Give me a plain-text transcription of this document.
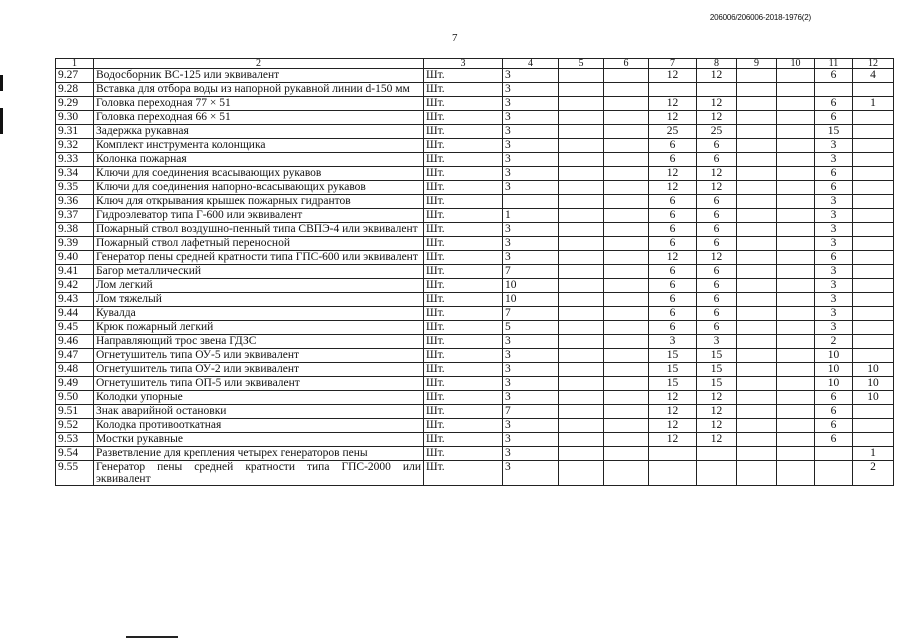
206006/206006-2018-1976(2)
7
1	2	3	4	5	6	7	8	9	10	11	12
9.27	Водосборник ВС-125 или эквивалент	Шт.	3			12	12			6	4
9.28	Вставка для отбора воды из напорной рукавной линии d-150 мм	Шт.	3								
9.29	Головка переходная 77 × 51	Шт.	3			12	12			6	1
9.30	Головка переходная 66 × 51	Шт.	3			12	12			6	
9.31	Задержка рукавная	Шт.	3			25	25			15	
9.32	Комплект инструмента колонщика	Шт.	3			6	6			3	
9.33	Колонка пожарная	Шт.	3			6	6			3	
9.34	Ключи для соединения всасывающих рукавов	Шт.	3			12	12			6	
9.35	Ключи для соединения напорно-всасывающих рукавов	Шт.	3			12	12			6	
9.36	Ключ для открывания крышек пожарных гидрантов	Шт.				6	6			3	
9.37	Гидроэлеватор типа Г-600 или эквивалент	Шт.	1			6	6			3	
9.38	Пожарный ствол воздушно-пенный типа СВПЭ-4 или эквивалент	Шт.	3			6	6			3	
9.39	Пожарный ствол лафетный переносной	Шт.	3			6	6			3	
9.40	Генератор пены средней кратности типа ГПС-600 или эквивалент	Шт.	3			12	12			6	
9.41	Багор металлический	Шт.	7			6	6			3	
9.42	Лом легкий	Шт.	10			6	6			3	
9.43	Лом тяжелый	Шт.	10			6	6			3	
9.44	Кувалда	Шт.	7			6	6			3	
9.45	Крюк пожарный легкий	Шт.	5			6	6			3	
9.46	Направляющий трос звена ГДЗС	Шт.	3			3	3			2	
9.47	Огнетушитель типа ОУ-5 или эквивалент	Шт.	3			15	15			10	
9.48	Огнетушитель типа ОУ-2 или эквивалент	Шт.	3			15	15			10	10
9.49	Огнетушитель типа ОП-5 или эквивалент	Шт.	3			15	15			10	10
9.50	Колодки упорные	Шт.	3			12	12			6	10
9.51	Знак аварийной остановки	Шт.	7			12	12			6	
9.52	Колодка противооткатная	Шт.	3			12	12			6	
9.53	Мостки рукавные	Шт.	3			12	12			6	
9.54	Разветвление для крепления четырех генераторов пены	Шт.	3								1
9.55	Генератор пены средней кратности типа ГПС-2000 или эквивалент	Шт.	3								2
